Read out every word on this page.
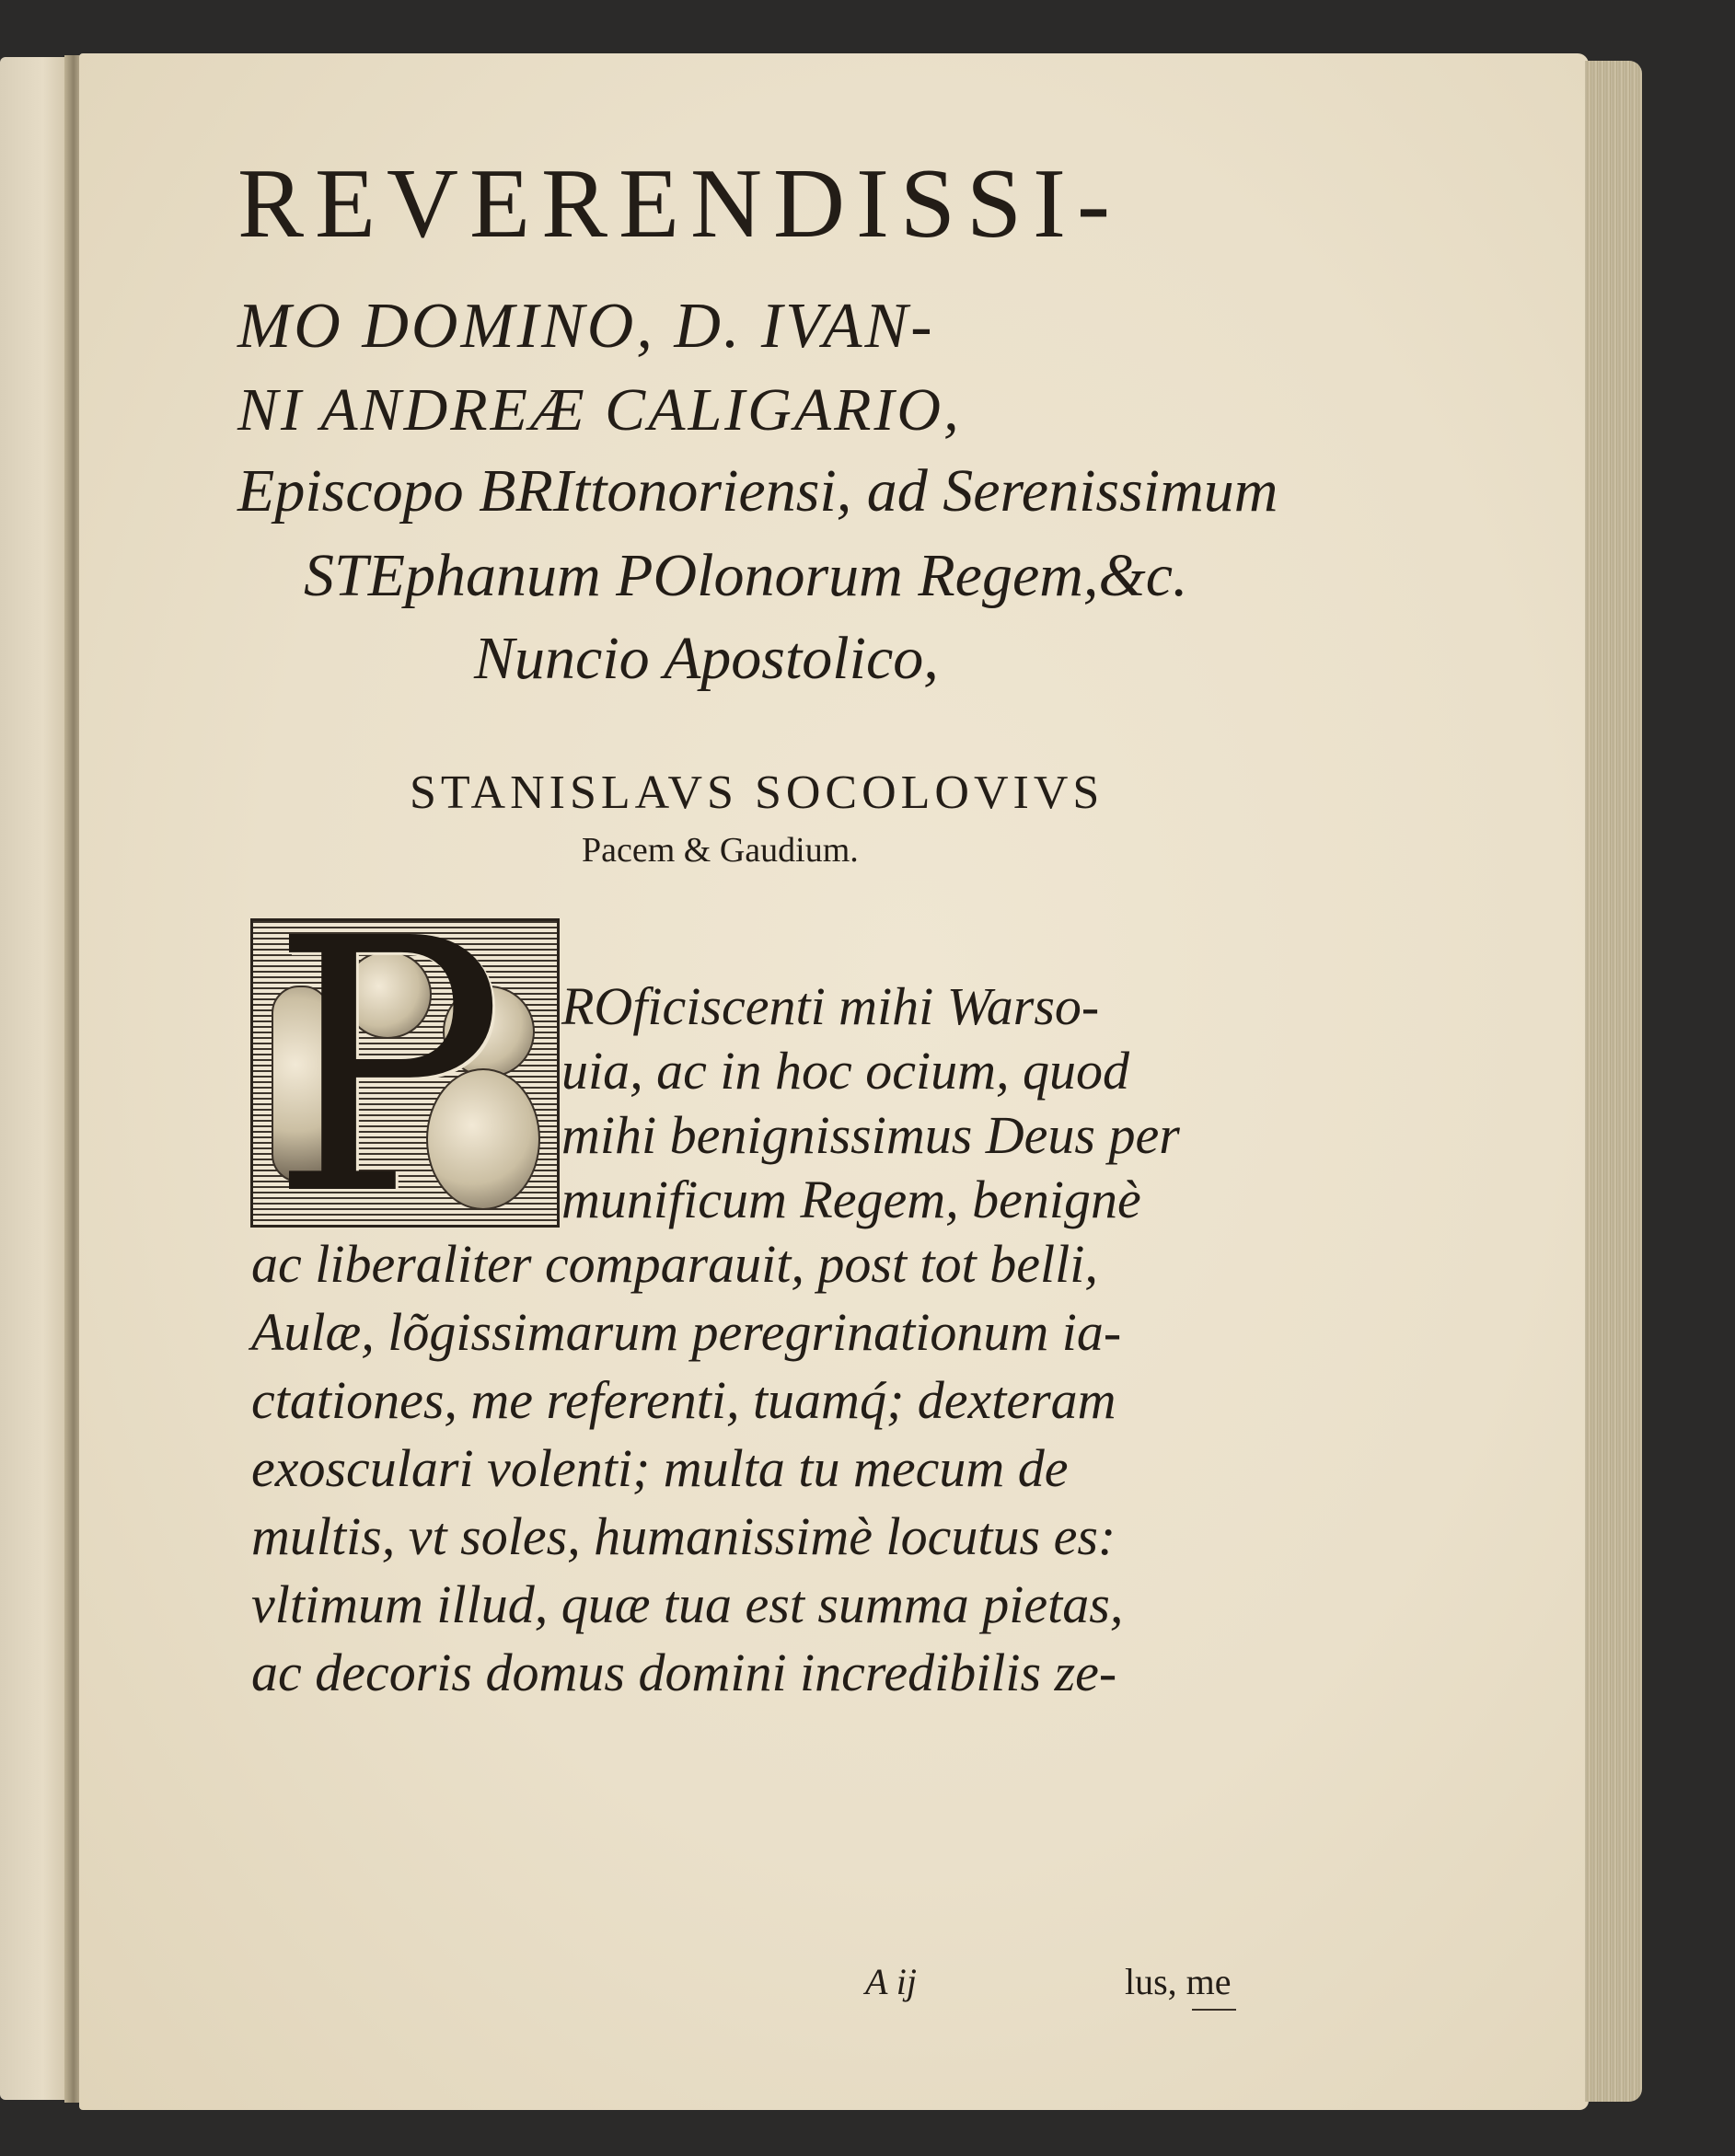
REVERENDISSI-
MO DOMINO, D. IVAN-
NI ANDREÆ CALIGARIO,
Episcopo BRIttonoriensi, ad Serenissimum
STEphanum POlonorum Regem,&c.
Nuncio Apostolico,
STANISLAVS SOCOLOVIVS
Pacem & Gaudium.
P ROficiscenti mihi Warso-
uia, ac in hoc ocium, quod
mihi benignissimus Deus per
munificum Regem, benignè
ac liberaliter comparauit, post tot belli,
Aulæ, lõgissimarum peregrinationum ia-
ctationes, me referenti, tuamq́; dexteram
exosculari volenti; multa tu mecum de
multis, vt soles, humanissimè locutus es:
vltimum illud, quæ tua est summa pietas,
ac decoris domus domini incredibilis ze-
A ij	lus, me
